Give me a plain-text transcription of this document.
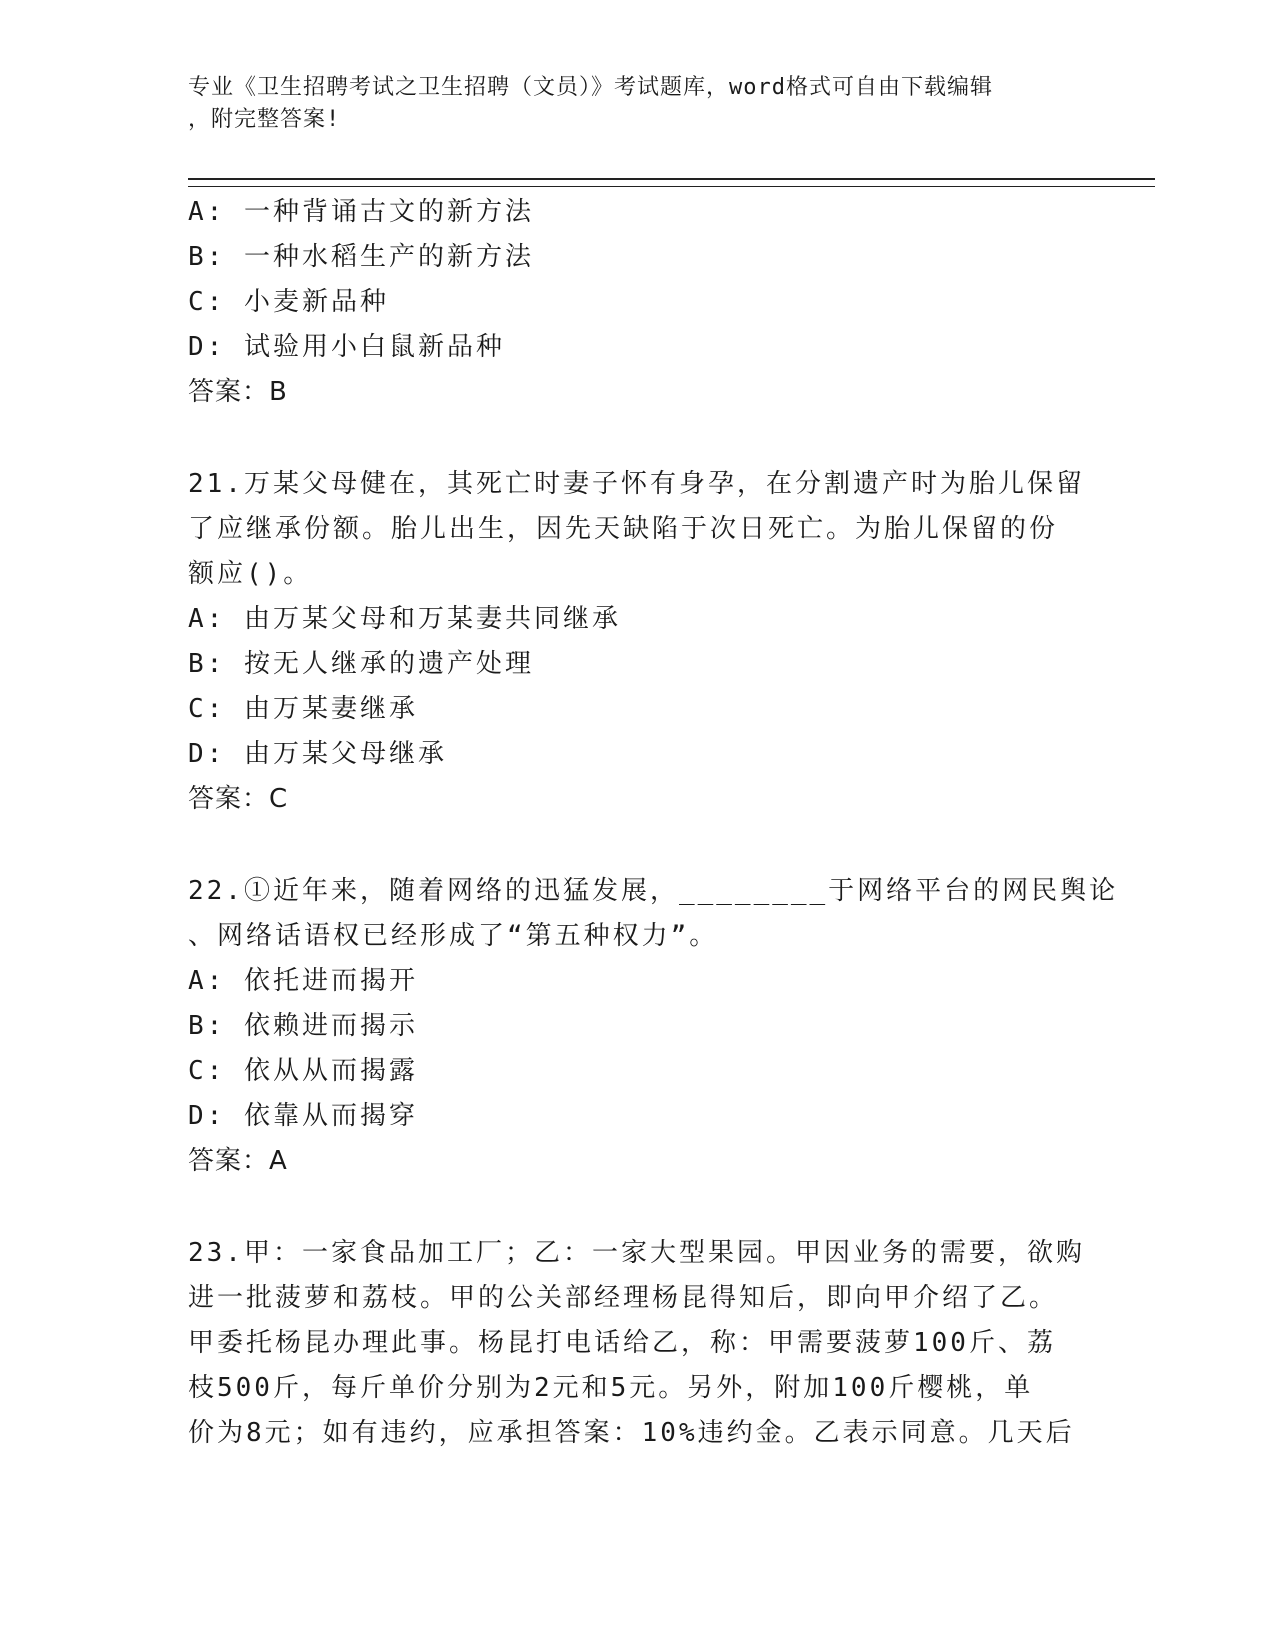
专业《卫生招聘考试之卫生招聘（文员）》考试题库，word格式可自由下载编辑
，附完整答案!
A: 一种背诵古文的新方法
B: 一种水稻生产的新方法
C: 小麦新品种
D: 试验用小白鼠新品种
答案：B
21.万某父母健在，其死亡时妻子怀有身孕，在分割遗产时为胎儿保留
了应继承份额。胎儿出生，因先天缺陷于次日死亡。为胎儿保留的份
额应()。
A: 由万某父母和万某妻共同继承
B: 按无人继承的遗产处理
C: 由万某妻继承
D: 由万某父母继承
答案：C
22.①近年来，随着网络的迅猛发展，________于网络平台的网民舆论
、网络话语权已经形成了“第五种权力”。
A: 依托进而揭开
B: 依赖进而揭示
C: 依从从而揭露
D: 依靠从而揭穿
答案：A
23.甲：一家食品加工厂；乙：一家大型果园。甲因业务的需要，欲购
进一批菠萝和荔枝。甲的公关部经理杨昆得知后，即向甲介绍了乙。
甲委托杨昆办理此事。杨昆打电话给乙，称：甲需要菠萝100斤、荔
枝500斤，每斤单价分别为2元和5元。另外，附加100斤樱桃，单
价为8元；如有违约，应承担答案：10%违约金。乙表示同意。几天后
